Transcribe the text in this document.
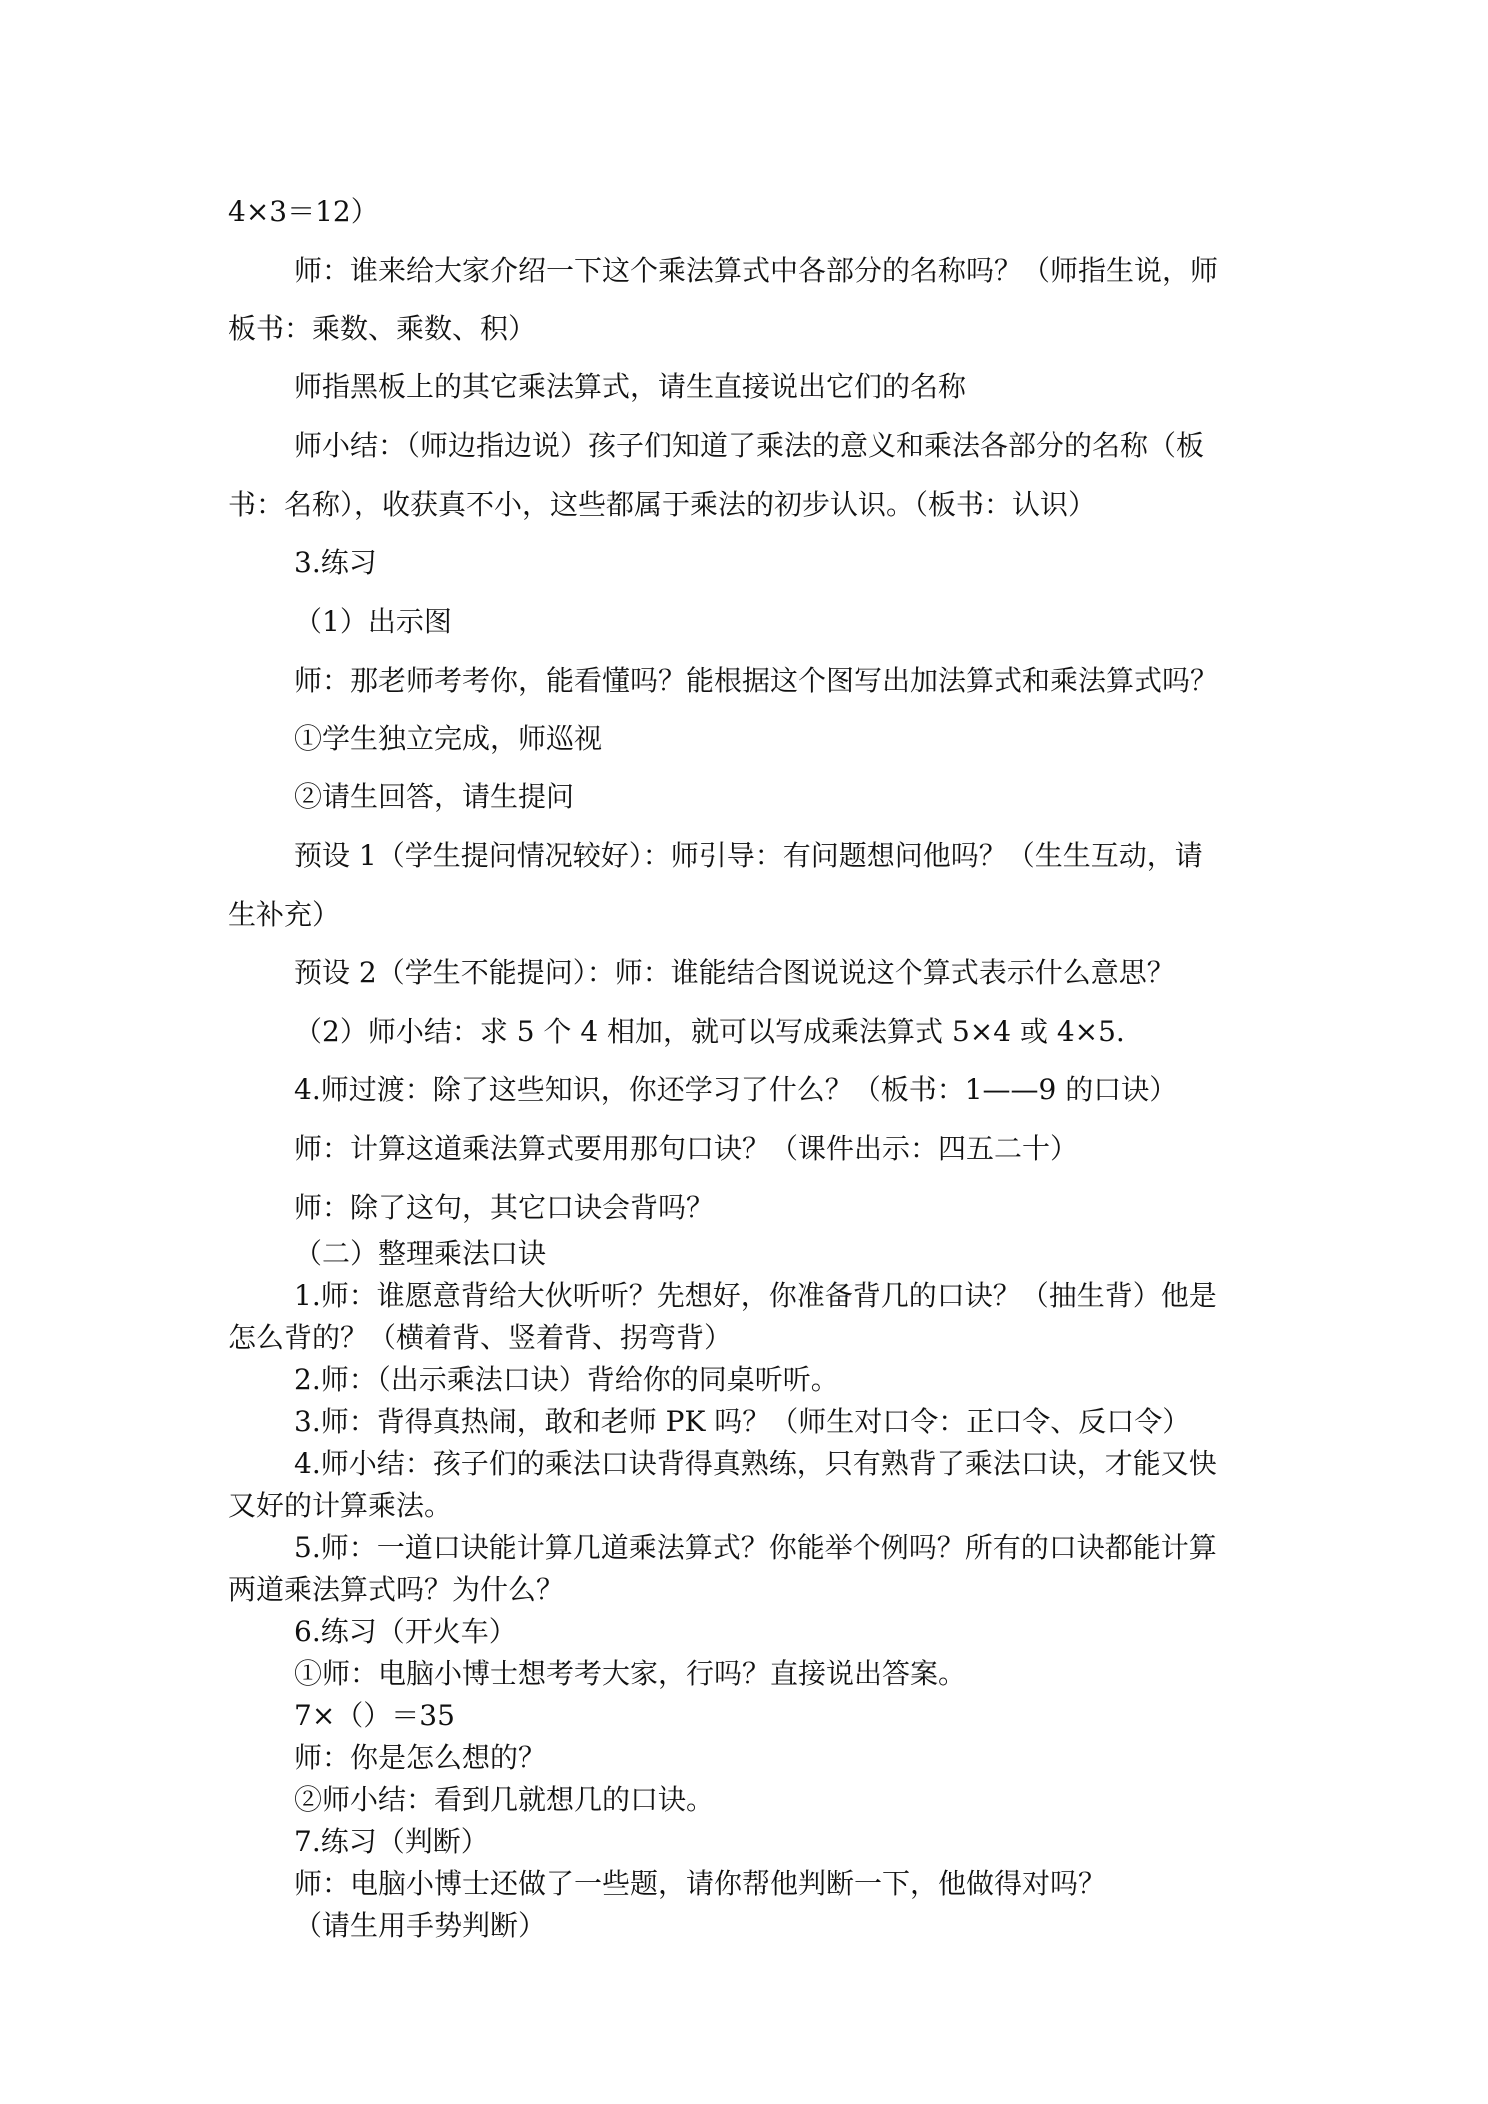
4×3＝12）
师：谁来给大家介绍一下这个乘法算式中各部分的名称吗？（师指生说，师
板书：乘数、乘数、积）
师指黑板上的其它乘法算式，请生直接说出它们的名称
师小结：（师边指边说）孩子们知道了乘法的意义和乘法各部分的名称（板
书：名称），收获真不小，这些都属于乘法的初步认识。（板书：认识）
3.练习
（1）出示图
师：那老师考考你，能看懂吗？能根据这个图写出加法算式和乘法算式吗？
①学生独立完成，师巡视
②请生回答，请生提问
预设 1（学生提问情况较好）：师引导：有问题想问他吗？（生生互动，请
生补充）
预设 2（学生不能提问）：师：谁能结合图说说这个算式表示什么意思？
（2）师小结：求 5 个 4 相加，就可以写成乘法算式 5×4 或 4×5.
4.师过渡：除了这些知识，你还学习了什么？（板书：1——9 的口诀）
师：计算这道乘法算式要用那句口诀？（课件出示：四五二十）
师：除了这句，其它口诀会背吗？
（二）整理乘法口诀
1.师：谁愿意背给大伙听听？先想好，你准备背几的口诀？（抽生背）他是
怎么背的？（横着背、竖着背、拐弯背）
2.师：（出示乘法口诀）背给你的同桌听听。
3.师：背得真热闹，敢和老师 PK 吗？（师生对口令：正口令、反口令）
4.师小结：孩子们的乘法口诀背得真熟练，只有熟背了乘法口诀，才能又快
又好的计算乘法。
5.师：一道口诀能计算几道乘法算式？你能举个例吗？所有的口诀都能计算
两道乘法算式吗？为什么？
6.练习（开火车）
①师：电脑小博士想考考大家，行吗？直接说出答案。
7×（）＝35
师：你是怎么想的？
②师小结：看到几就想几的口诀。
7.练习（判断）
师：电脑小博士还做了一些题，请你帮他判断一下，他做得对吗？
（请生用手势判断）
